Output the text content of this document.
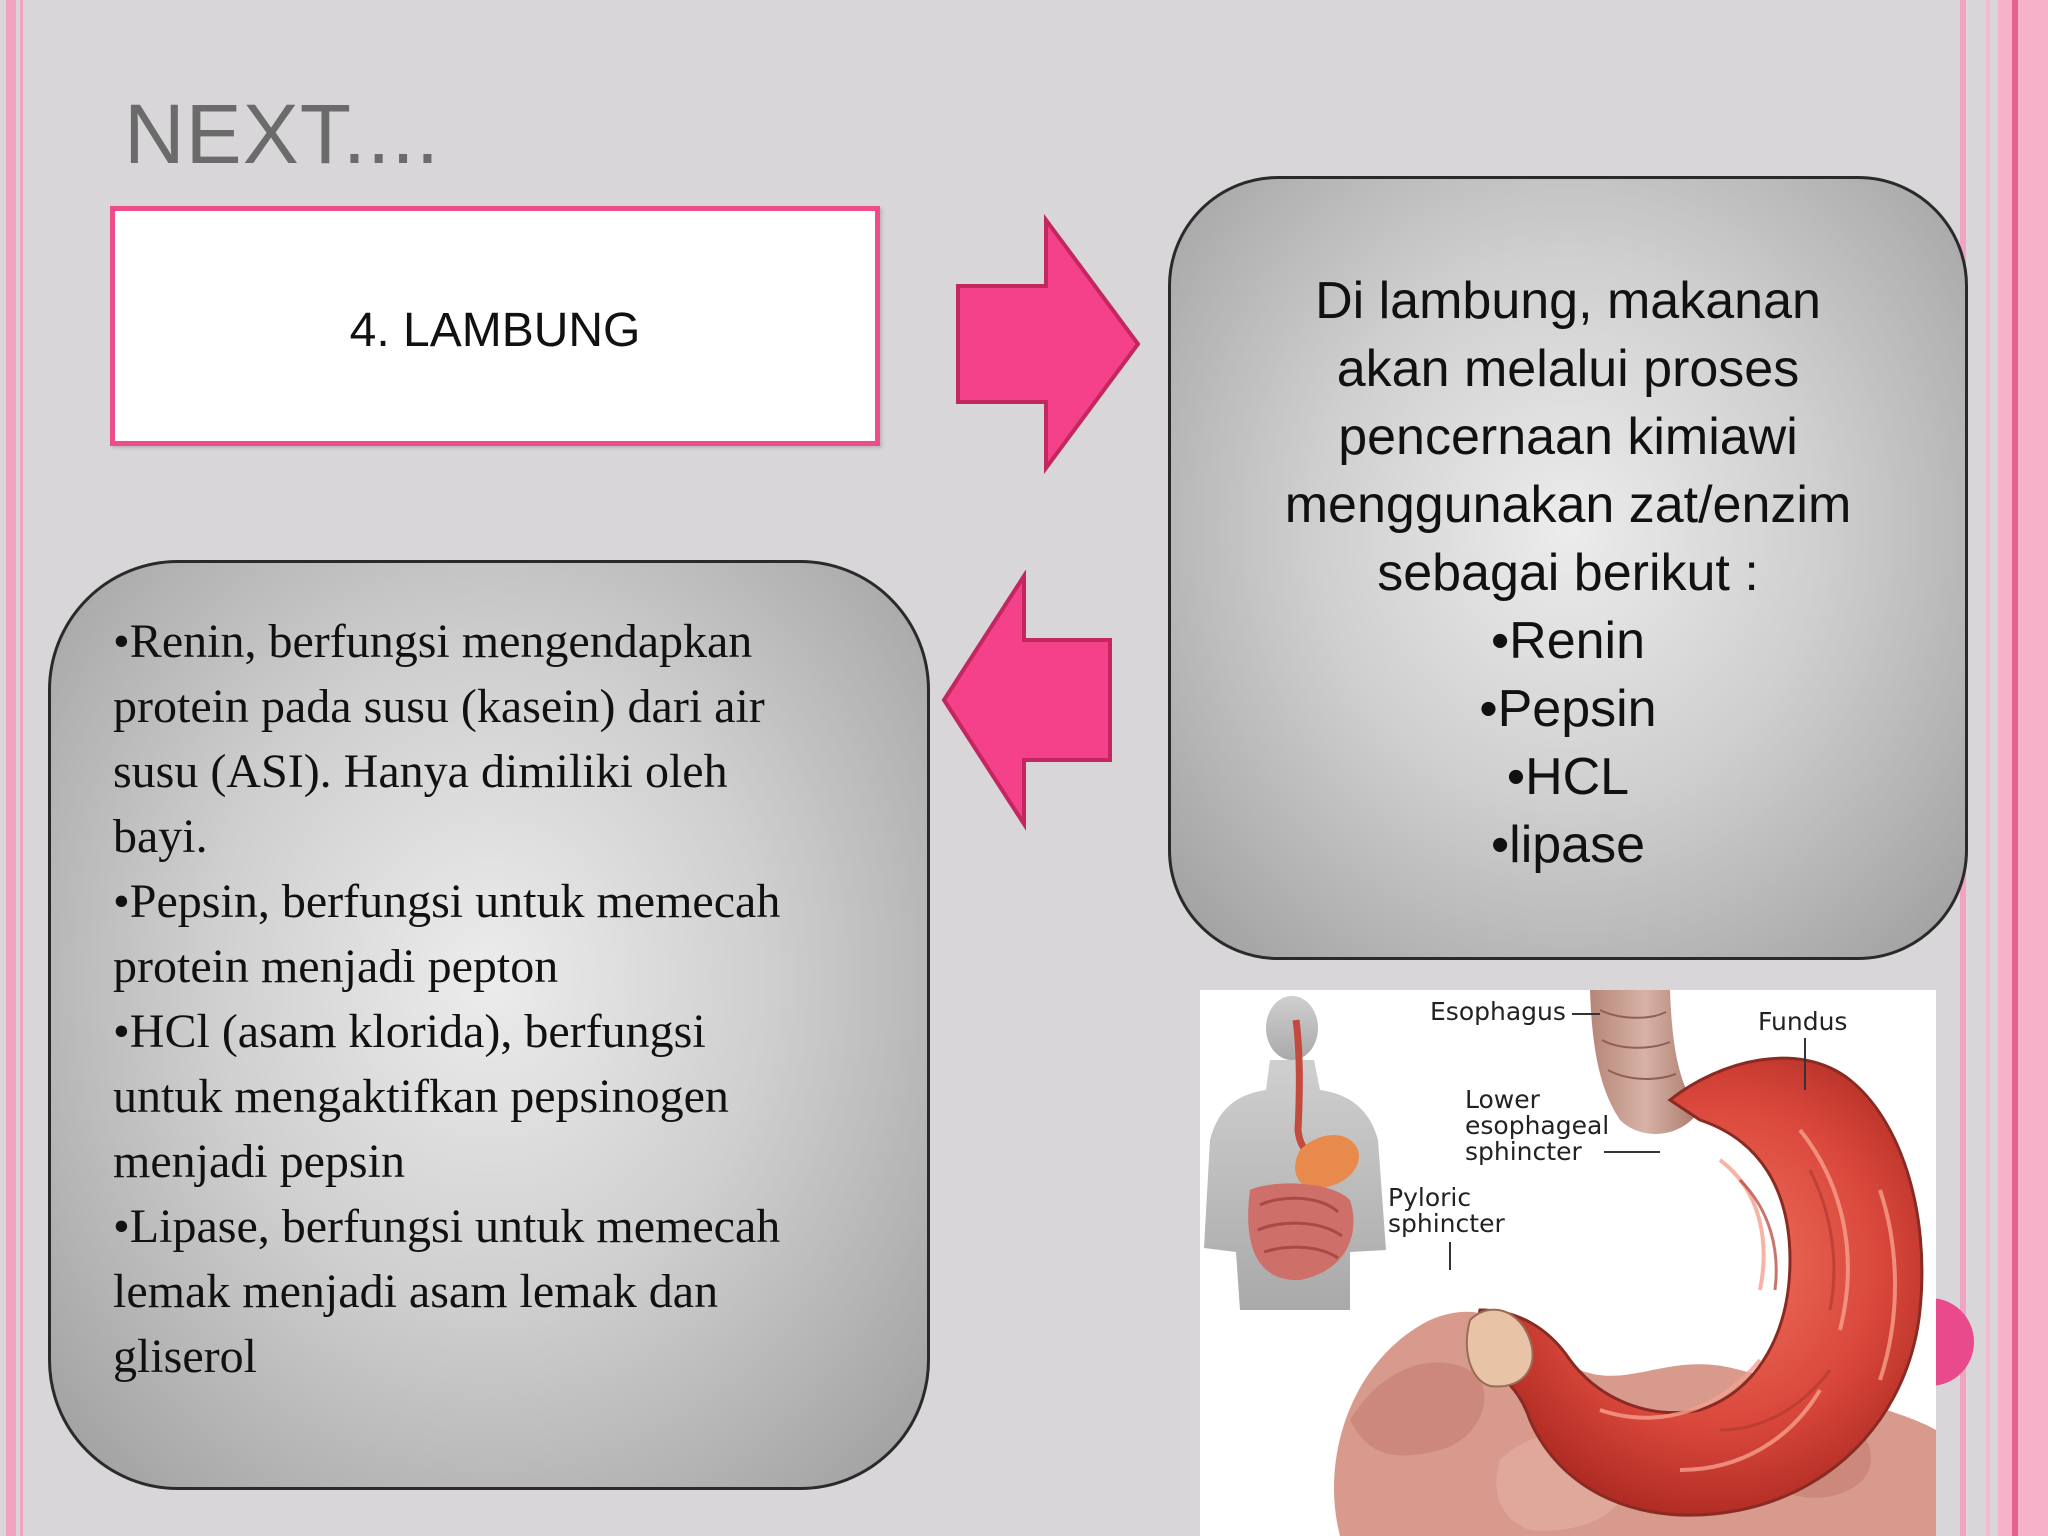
NEXT....
4. LAMBUNG
Di lambung, makanan
akan melalui proses
pencernaan kimiawi
menggunakan zat/enzim
sebagai berikut :
•Renin
•Pepsin
•HCL
•lipase
•Renin, berfungsi mengendapkan
protein pada susu (kasein) dari air
susu (ASI). Hanya dimiliki oleh
bayi.
•Pepsin, berfungsi untuk memecah
protein menjadi pepton
•HCl (asam klorida), berfungsi
untuk mengaktifkan pepsinogen
menjadi pepsin
•Lipase, berfungsi untuk memecah
lemak menjadi asam lemak dan
gliserol
Esophagus	Fundus
Lower
esophageal
sphincter
Pyloric
sphincter
